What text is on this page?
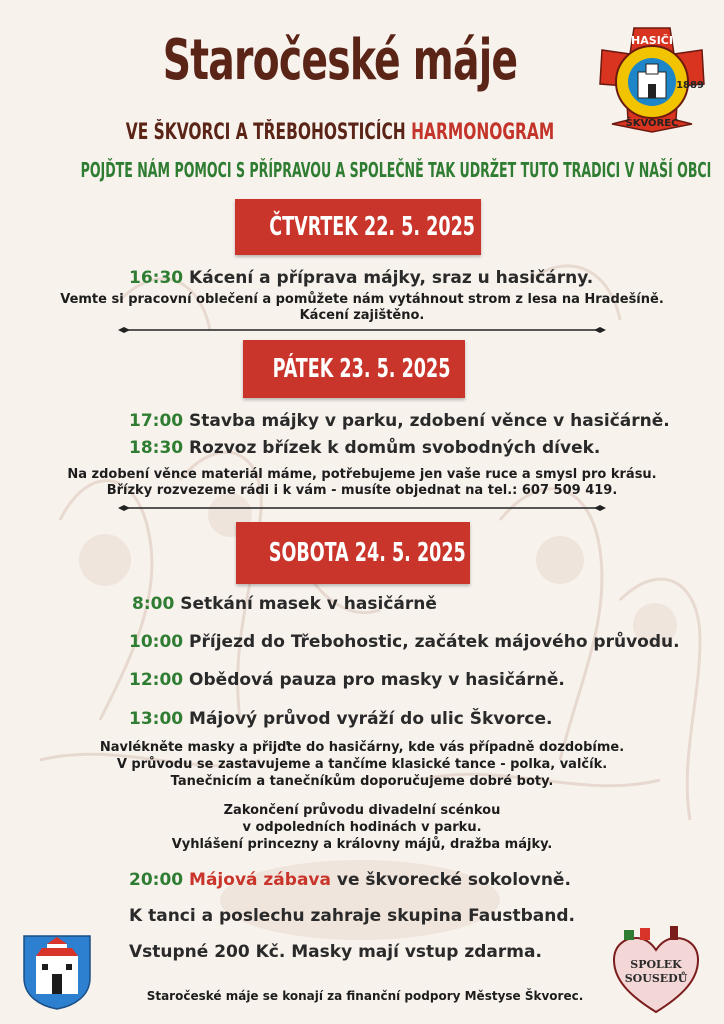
Staročeské máje
VE ŠKVORCI A TŘEBOHOSTICÍCH HARMONOGRAM
POJĎTE NÁM POMOCI S PŘÍPRAVOU A SPOLEČNĚ TAK UDRŽET TUTO TRADICI V NAŠÍ OBCI
HASIČI
1889
ŠKVOREC
ČTVRTEK 22. 5. 2025
16:30 Kácení a příprava májky, sraz u hasičárny.
Vemte si pracovní oblečení a pomůžete nám vytáhnout strom z lesa na Hradešíně.
Kácení zajištěno.
PÁTEK 23. 5. 2025
17:00 Stavba májky v parku, zdobení věnce v hasičárně.
18:30 Rozvoz břízek k domům svobodných dívek.
Na zdobení věnce materiál máme, potřebujeme jen vaše ruce a smysl pro krásu.
Břízky rozvezeme rádi i k vám - musíte objednat na tel.: 607 509 419.
SOBOTA 24. 5. 2025
8:00 Setkání masek v hasičárně
10:00 Příjezd do Třebohostic, začátek májového průvodu.
12:00 Obědová pauza pro masky v hasičárně.
13:00 Májový průvod vyráží do ulic Škvorce.
Navlékněte masky a přijďte do hasičárny, kde vás případně dozdobíme.
V průvodu se zastavujeme a tančíme klasické tance - polka, valčík.
Tanečnicím a tanečníkům doporučujeme dobré boty.
Zakončení průvodu divadelní scénkou
v odpoledních hodinách v parku.
Vyhlášení princezny a královny májů, dražba májky.
20:00 Májová zábava ve škvorecké sokolovně.
K tanci a poslechu zahraje skupina Faustband.
Vstupné 200 Kč. Masky mají vstup zdarma.
SPOLEK
SOUSEDŮ
Staročeské máje se konají za finanční podpory Městyse Škvorec.
